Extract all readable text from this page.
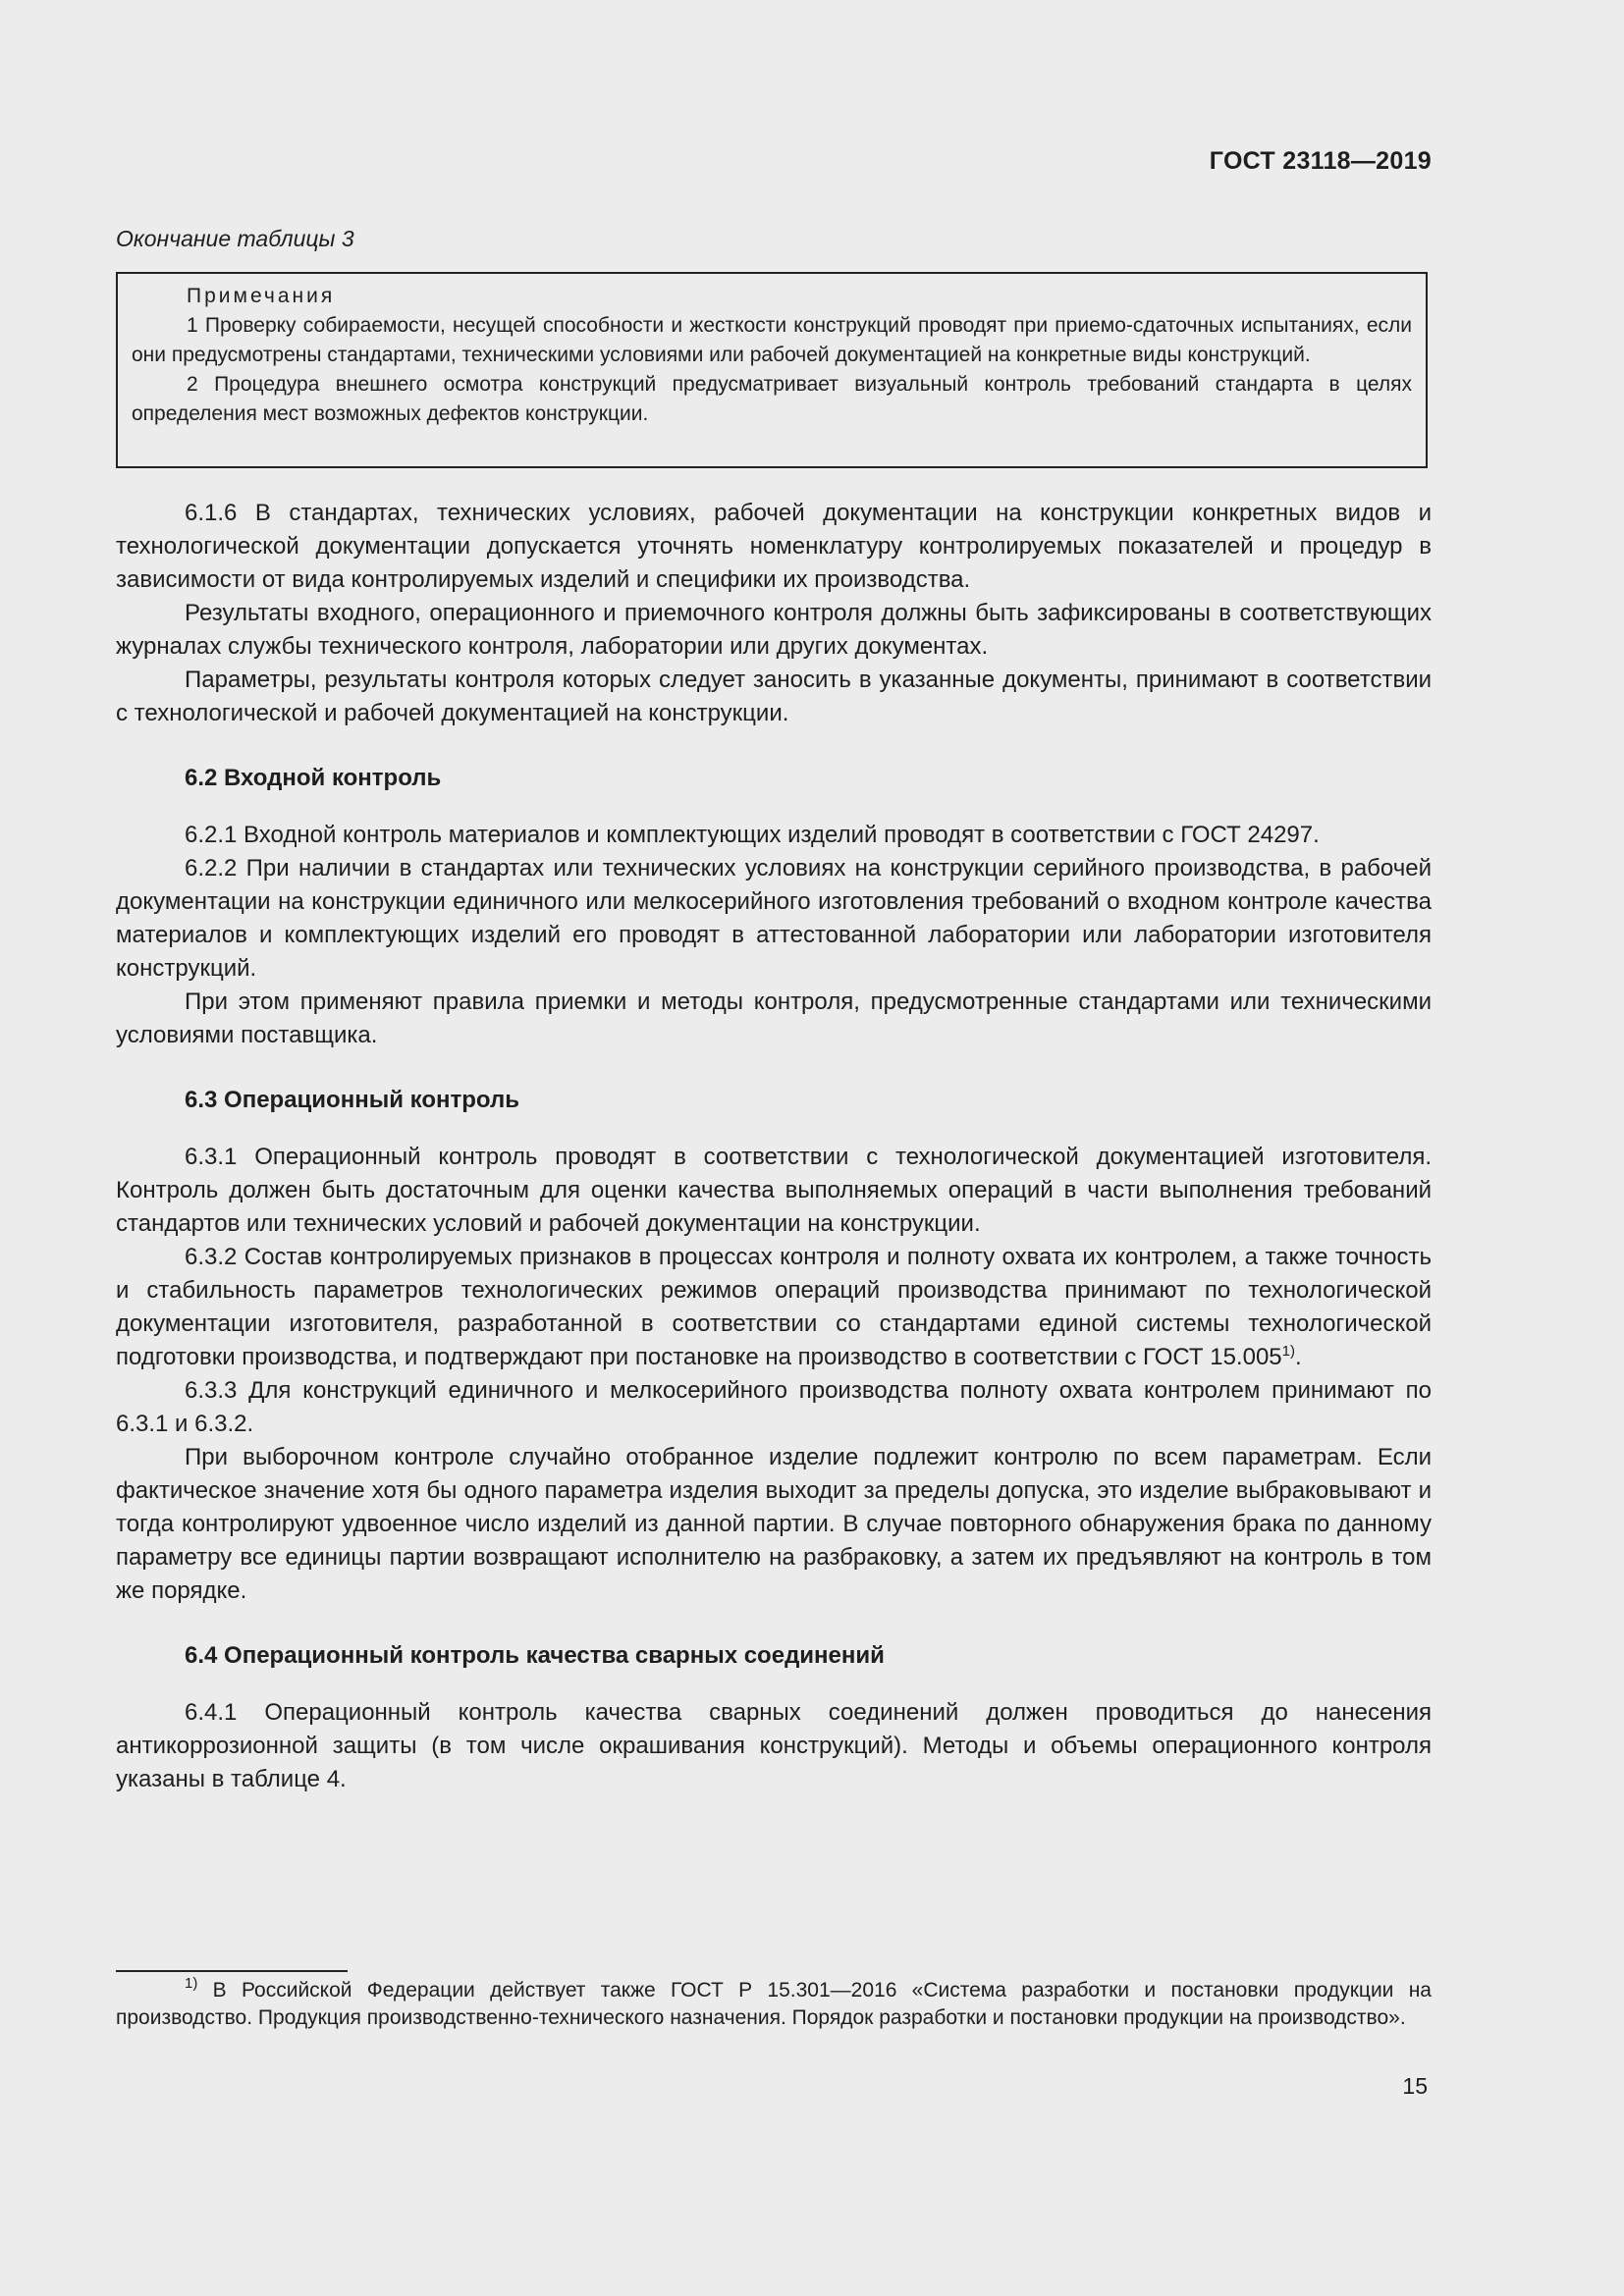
ГОСТ 23118—2019
Окончание таблицы 3
Примечания

1 Проверку собираемости, несущей способности и жесткости конструкций проводят при приемо-сдаточных испытаниях, если они предусмотрены стандартами, техническими условиями или рабочей документацией на конкретные виды конструкций.

2 Процедура внешнего осмотра конструкций предусматривает визуальный контроль требований стандарта в целях определения мест возможных дефектов конструкции.

6.1.6 В стандартах, технических условиях, рабочей документации на конструкции конкретных видов и технологической документации допускается уточнять номенклатуру контролируемых показателей и процедур в зависимости от вида контролируемых изделий и специфики их производства.

Результаты входного, операционного и приемочного контроля должны быть зафиксированы в соответствующих журналах службы технического контроля, лаборатории или других документах.

Параметры, результаты контроля которых следует заносить в указанные документы, принимают в соответствии с технологической и рабочей документацией на конструкции.

6.2 Входной контроль

6.2.1 Входной контроль материалов и комплектующих изделий проводят в соответствии с ГОСТ 24297.

6.2.2 При наличии в стандартах или технических условиях на конструкции серийного производства, в рабочей документации на конструкции единичного или мелкосерийного изготовления требований о входном контроле качества материалов и комплектующих изделий его проводят в аттестованной лаборатории или лаборатории изготовителя конструкций.

При этом применяют правила приемки и методы контроля, предусмотренные стандартами или техническими условиями поставщика.

6.3 Операционный контроль

6.3.1 Операционный контроль проводят в соответствии с технологической документацией изготовителя. Контроль должен быть достаточным для оценки качества выполняемых операций в части выполнения требований стандартов или технических условий и рабочей документации на конструкции.

6.3.2 Состав контролируемых признаков в процессах контроля и полноту охвата их контролем, а также точность и стабильность параметров технологических режимов операций производства принимают по технологической документации изготовителя, разработанной в соответствии со стандартами единой системы технологической подготовки производства, и подтверждают при постановке на производство в соответствии с ГОСТ 15.005$^{1)}$.

6.3.3 Для конструкций единичного и мелкосерийного производства полноту охвата контролем принимают по 6.3.1 и 6.3.2.

При выборочном контроле случайно отобранное изделие подлежит контролю по всем параметрам. Если фактическое значение хотя бы одного параметра изделия выходит за пределы допуска, это изделие выбраковывают и тогда контролируют удвоенное число изделий из данной партии. В случае повторного обнаружения брака по данному параметру все единицы партии возвращают исполнителю на разбраковку, а затем их предъявляют на контроль в том же порядке.

6.4 Операционный контроль качества сварных соединений

6.4.1 Операционный контроль качества сварных соединений должен проводиться до нанесения антикоррозионной защиты (в том числе окрашивания конструкций). Методы и объемы операционного контроля указаны в таблице 4.

$^{1)}$ В Российской Федерации действует также ГОСТ Р 15.301—2016 «Система разработки и постановки продукции на производство. Продукция производственно-технического назначения. Порядок разработки и постановки продукции на производство».

15
